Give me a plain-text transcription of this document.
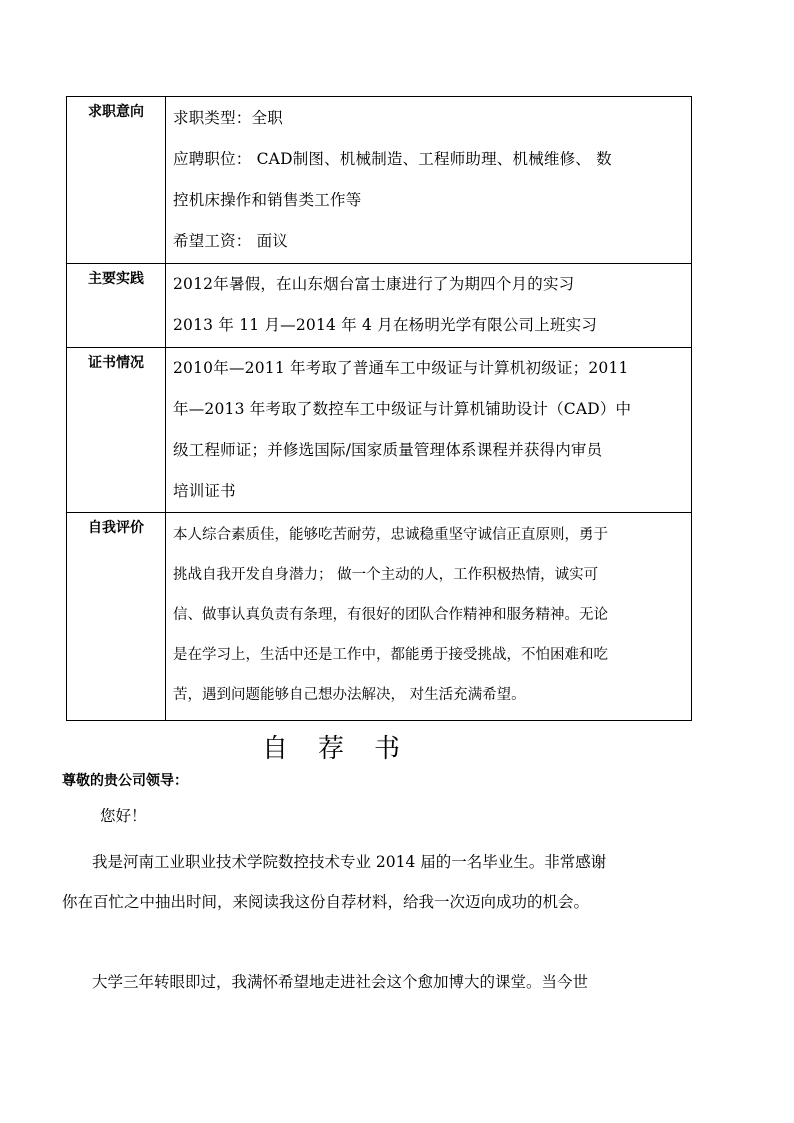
求职意向	求职类型：全职
应聘职位： CAD制图、机械制造、工程师助理、机械维修、 数
控机床操作和销售类工作等
希望工资： 面议

主要实践	2012年暑假，在山东烟台富士康进行了为期四个月的实习
2013 年 11 月—2014 年 4 月在杨明光学有限公司上班实习

证书情况	2010年—2011 年考取了普通车工中级证与计算机初级证；2011
年—2013 年考取了数控车工中级证与计算机铺助设计（CAD）中
级工程师证；并修选国际/国家质量管理体系课程并获得内审员
培训证书

自我评价	本人综合素质佳，能够吃苦耐劳，忠诚稳重坚守诚信正直原则，勇于
挑战自我开发自身潜力； 做一个主动的人，工作积极热情，诚实可
信、做事认真负责有条理，有很好的团队合作精神和服务精神。无论
是在学习上，生活中还是工作中，都能勇于接受挑战，不怕困难和吃
苦，遇到问题能够自己想办法解决， 对生活充满希望。
自荐书
尊敬的贵公司领导：
您好！
我是河南工业职业技术学院数控技术专业 2014 届的一名毕业生。非常感谢
你在百忙之中抽出时间，来阅读我这份自荐材料，给我一次迈向成功的机会。
大学三年转眼即过，我满怀希望地走进社会这个愈加博大的课堂。当今世
